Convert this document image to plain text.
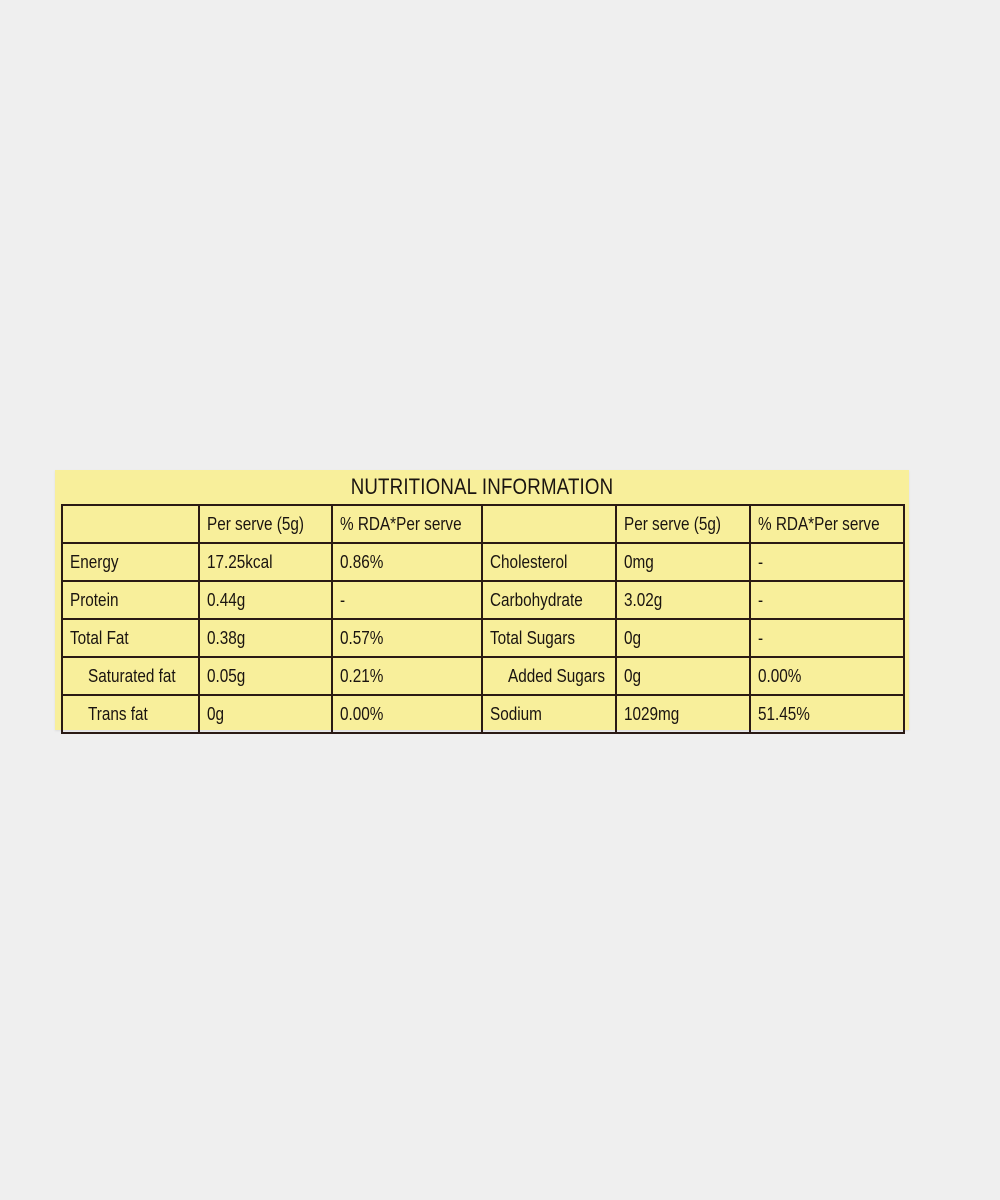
NUTRITIONAL INFORMATION
	Per serve (5g)	% RDA*Per serve		Per serve (5g)	% RDA*Per serve
Energy	17.25kcal	0.86%	Cholesterol	0mg	-
Protein	0.44g	-	Carbohydrate	3.02g	-
Total Fat	0.38g	0.57%	Total Sugars	0g	-
Saturated fat	0.05g	0.21%	Added Sugars	0g	0.00%
Trans fat	0g	0.00%	Sodium	1029mg	51.45%
